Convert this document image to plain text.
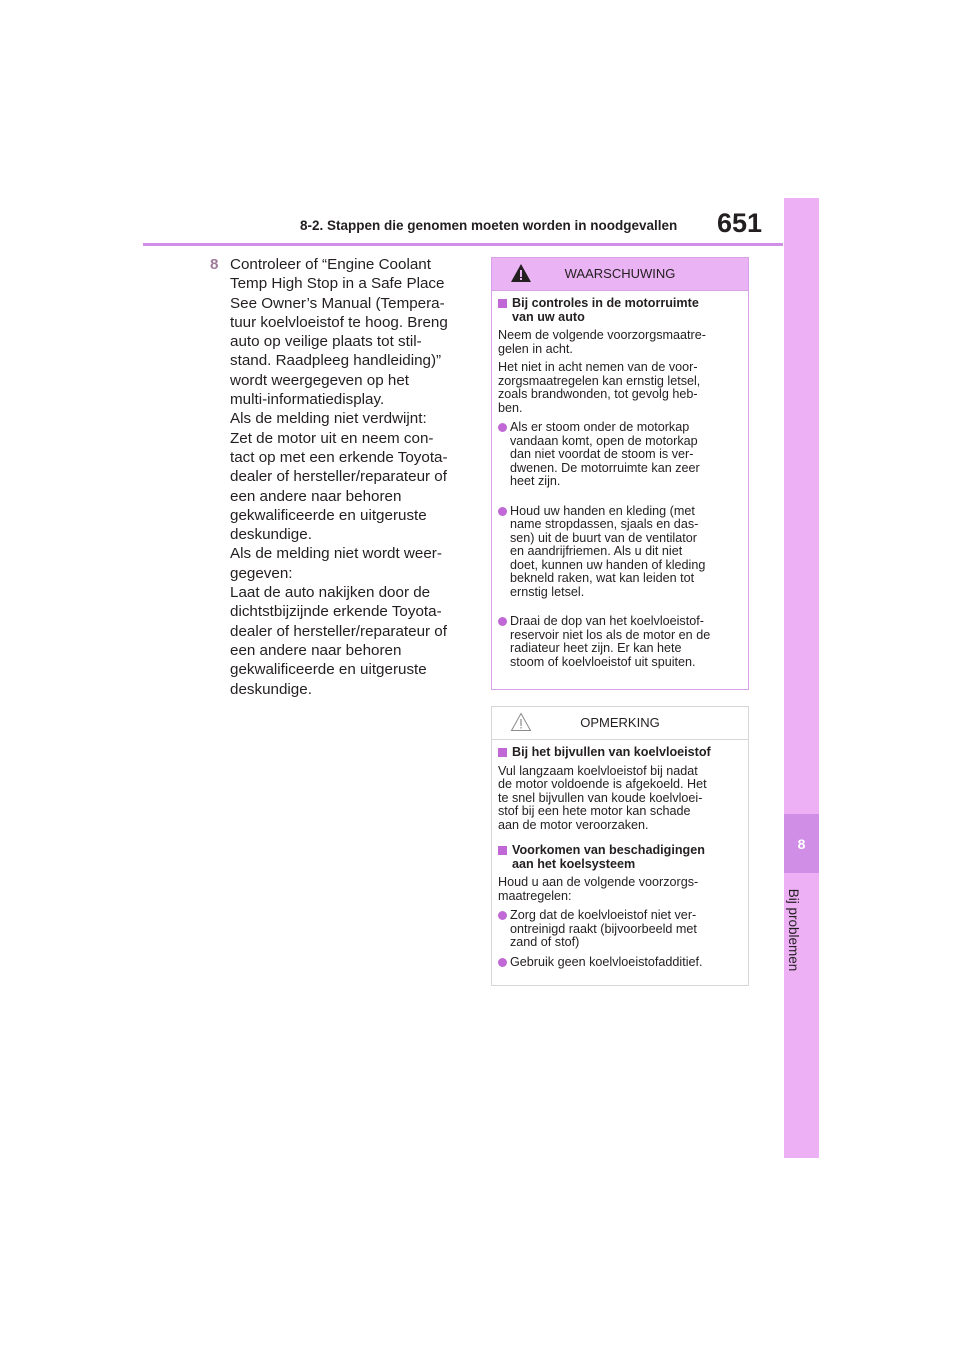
8-2. Stappen die genomen moeten worden in noodgevallen 651
8
Bij problemen
8 Controleer of “Engine Coolant
Temp High Stop in a Safe Place
See Owner’s Manual (Tempera-
tuur koelvloeistof te hoog. Breng
auto op veilige plaats tot stil-
stand. Raadpleeg handleiding)”
wordt weergegeven op het
multi-informatiedisplay.
Als de melding niet verdwijnt:
Zet de motor uit en neem con-
tact op met een erkende Toyota-
dealer of hersteller/reparateur of
een andere naar behoren
gekwalificeerde en uitgeruste
deskundige.
Als de melding niet wordt weer-
gegeven:
Laat de auto nakijken door de
dichtstbijzijnde erkende Toyota-
dealer of hersteller/reparateur of
een andere naar behoren
gekwalificeerde en uitgeruste
deskundige.
WAARSCHUWING
Bij controles in de motorruimte
van uw auto
Neem de volgende voorzorgsmaatre-
gelen in acht.
Het niet in acht nemen van de voor-
zorgsmaatregelen kan ernstig letsel,
zoals brandwonden, tot gevolg heb-
ben.
Als er stoom onder de motorkap
vandaan komt, open de motorkap
dan niet voordat de stoom is ver-
dwenen. De motorruimte kan zeer
heet zijn.
Houd uw handen en kleding (met
name stropdassen, sjaals en das-
sen) uit de buurt van de ventilator
en aandrijfriemen. Als u dit niet
doet, kunnen uw handen of kleding
bekneld raken, wat kan leiden tot
ernstig letsel.
Draai de dop van het koelvloeistof-
reservoir niet los als de motor en de
radiateur heet zijn. Er kan hete
stoom of koelvloeistof uit spuiten.
OPMERKING
Bij het bijvullen van koelvloeistof
Vul langzaam koelvloeistof bij nadat
de motor voldoende is afgekoeld. Het
te snel bijvullen van koude koelvloei-
stof bij een hete motor kan schade
aan de motor veroorzaken.
Voorkomen van beschadigingen
aan het koelsysteem
Houd u aan de volgende voorzorgs-
maatregelen:
Zorg dat de koelvloeistof niet ver-
ontreinigd raakt (bijvoorbeeld met
zand of stof)
Gebruik geen koelvloeistofadditief.
